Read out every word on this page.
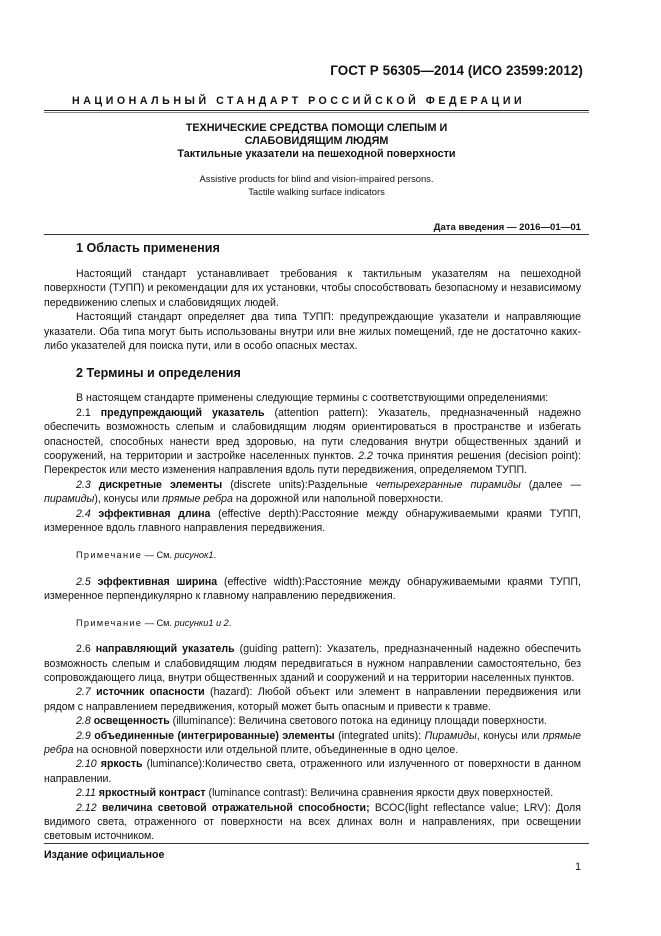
ГОСТ Р 56305—2014 (ИСО 23599:2012)
НАЦИОНАЛЬНЫЙ СТАНДАРТ РОССИЙСКОЙ ФЕДЕРАЦИИ
ТЕХНИЧЕСКИЕ СРЕДСТВА ПОМОЩИ СЛЕПЫМ И
СЛАБОВИДЯЩИМ ЛЮДЯМ
Тактильные указатели на пешеходной поверхности
Assistive products for blind and vision-impaired persons.
Tactile walking surface indicators
Дата введения — 2016—01—01
1 Область применения

Настоящий стандарт устанавливает требования к тактильным указателям на пешеходной поверхности (ТУПП) и рекомендации для их установки, чтобы способствовать безопасному и независимому передвижению слепых и слабовидящих людей.

Настоящий стандарт определяет два типа ТУПП: предупреждающие указатели и направляющие указатели. Оба типа могут быть использованы внутри или вне жилых помещений, где не достаточно каких-либо указателей для поиска пути, или в особо опасных местах.

2 Термины и определения

В настоящем стандарте применены следующие термины с соответствующими определениями:

2.1 предупреждающий указатель (attention pattern): Указатель, предназначенный надежно обеспечить возможность слепым и слабовидящим людям ориентироваться в пространстве и избегать опасностей, способных нанести вред здоровью, на пути следования внутри общественных зданий и сооружений, на территории и застройке населенных пунктов. 2.2 точка принятия решения (decision point): Перекресток или место изменения направления вдоль пути передвижения, определяемом ТУПП.

2.3 дискретные элементы (discrete units):Раздельные четырехгранные пирамиды (далее — пирамиды), конусы или прямые ребра на дорожной или напольной поверхности.

2.4 эффективная длина (effective depth):Расстояние между обнаруживаемыми краями ТУПП, измеренное вдоль главного направления передвижения.

Примечание — См. рисунок1.

2.5 эффективная ширина (effective width):Расстояние между обнаруживаемыми краями ТУПП, измеренное перпендикулярно к главному направлению передвижения.

Примечание — См. рисунки1 и 2.

2.6 направляющий указатель (guiding pattern): Указатель, предназначенный надежно обеспечить возможность слепым и слабовидящим людям передвигаться в нужном направлении самостоятельно, без сопровождающего лица, внутри общественных зданий и сооружений и на территории населенных пунктов.

2.7 источник опасности (hazard): Любой объект или элемент в направлении передвижения или рядом с направлением передвижения, который может быть опасным и привести к травме.

2.8 освещенность (illuminance): Величина светового потока на единицу площади поверхности.

2.9 объединенные (интегрированные) элементы (integrated units): Пирамиды, конусы или прямые ребра на основной поверхности или отдельной плите, объединенные в одно целое.

2.10 яркость (luminance):Количество света, отраженного или излученного от поверхности в данном направлении.

2.11 яркостный контраст (luminance contrast): Величина сравнения яркости двух поверхностей.

2.12 величина световой отражательной способности; ВСОС(light reflectance value; LRV): Доля видимого света, отраженного от поверхности на всех длинах волн и направлениях, при освещении световым источником.

Издание официальное
1
